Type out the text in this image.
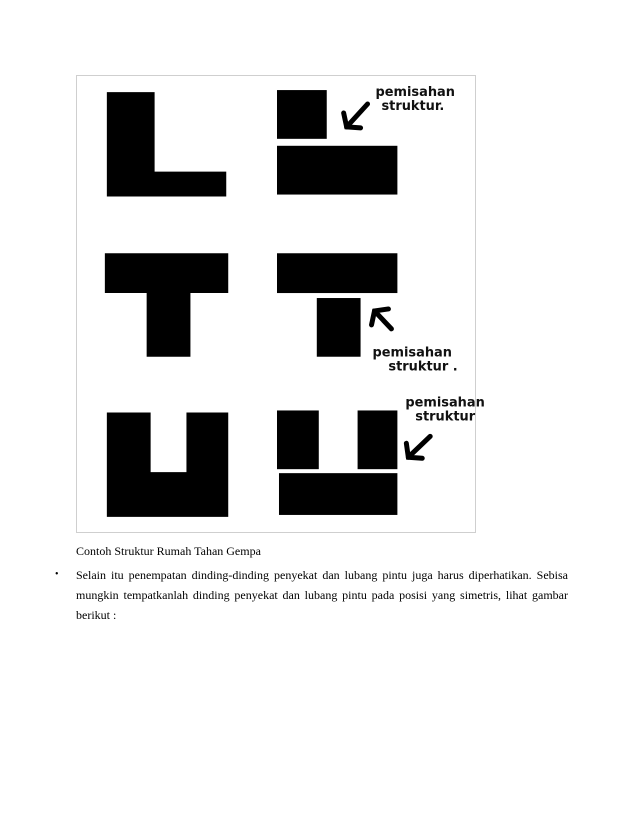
pemisahan
struktur.
pemisahan
struktur .
pemisahan
struktur
Contoh Struktur Rumah Tahan Gempa
• Selain itu penempatan dinding-dinding penyekat dan lubang pintu juga harus diperhatikan. Sebisa mungkin tempatkanlah dinding penyekat dan lubang pintu pada posisi yang simetris, lihat gambar berikut :
